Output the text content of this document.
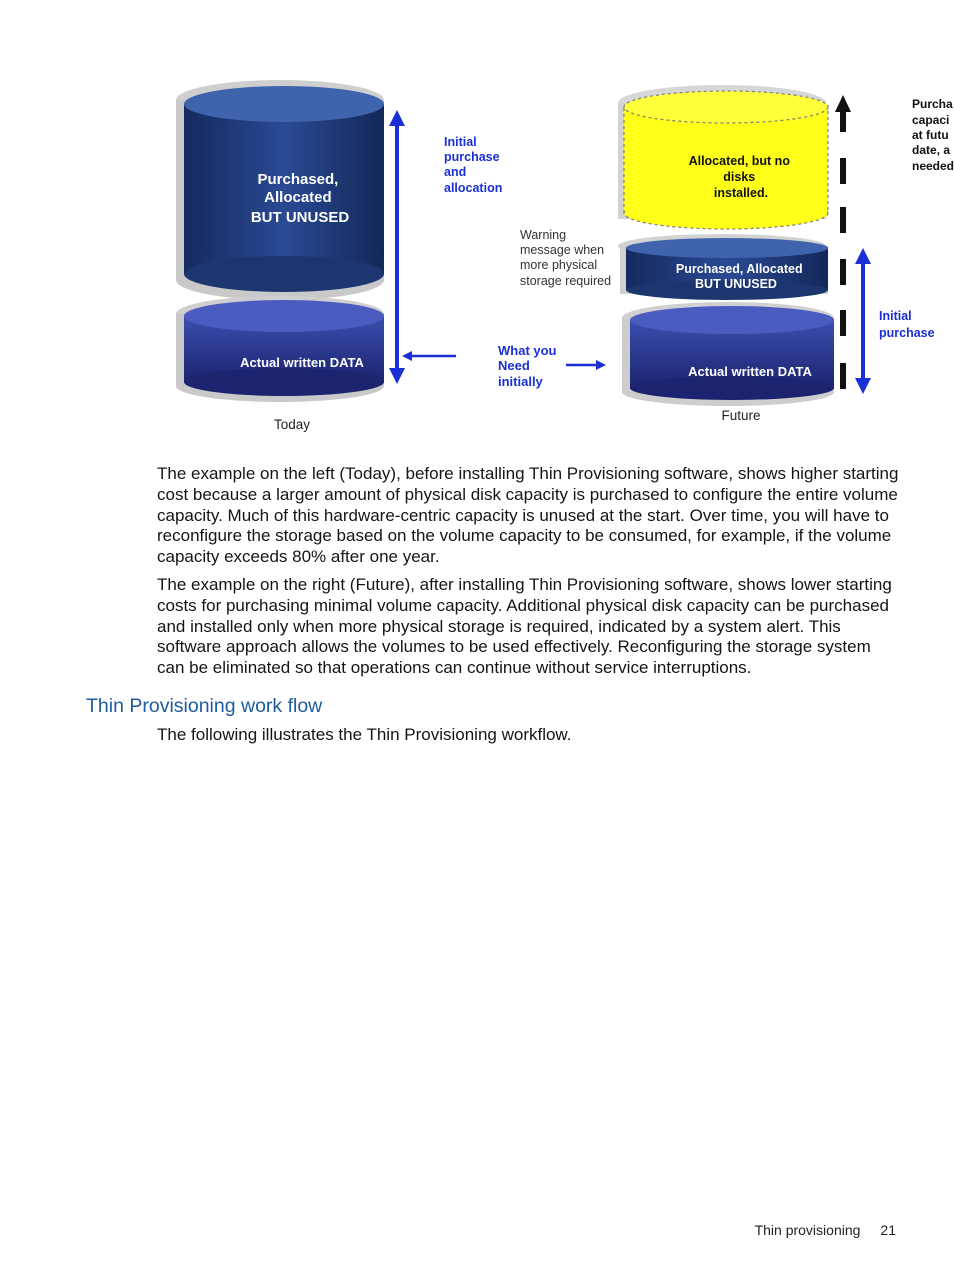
Purchased, Allocated BUT UNUSED
Actual written DATA
Initial purchase and allocation
What you Need initially
Today
Warning message when more physical storage required
Allocated, but no disks installed.
Purchased, Allocated BUT UNUSED
Actual written DATA
Future
Initial purchase
Purcha capaci at futu date, a needed

The example on the left (Today), before installing Thin Provisioning software, shows higher starting cost because a larger amount of physical disk capacity is purchased to configure the entire volume capacity. Much of this hardware-centric capacity is unused at the start. Over time, you will have to reconfigure the storage based on the volume capacity to be consumed, for example, if the volume capacity exceeds 80% after one year.

The example on the right (Future), after installing Thin Provisioning software, shows lower starting costs for purchasing minimal volume capacity. Additional physical disk capacity can be purchased and installed only when more physical storage is required, indicated by a system alert. This software approach allows the volumes to be used effectively. Reconfiguring the storage system can be eliminated so that operations can continue without service interruptions.

Thin Provisioning work flow

The following illustrates the Thin Provisioning workflow.

Thin provisioning 21
